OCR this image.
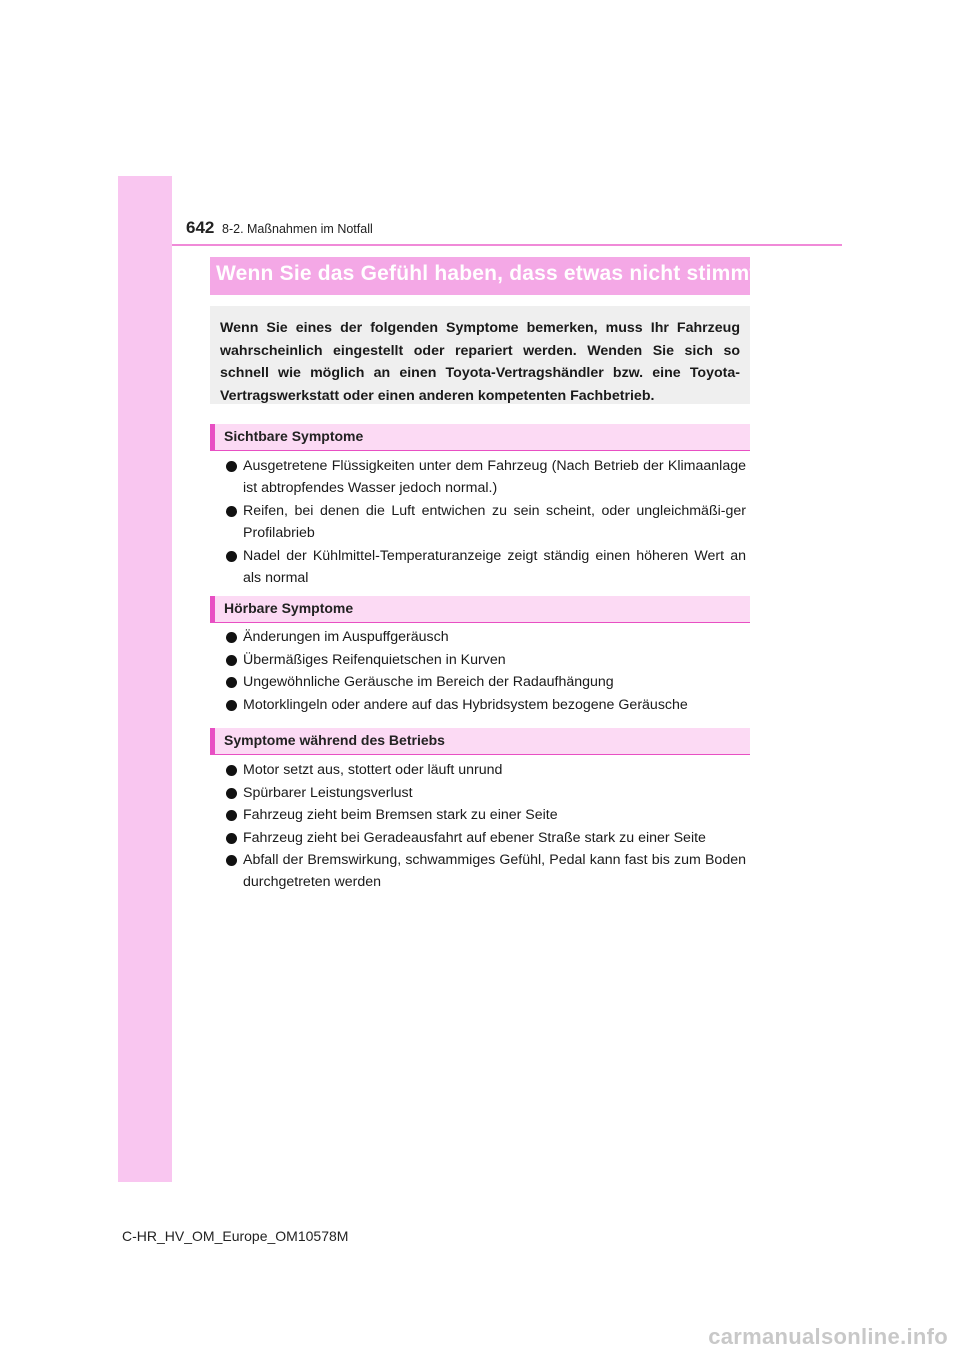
642 8-2. Maßnahmen im Notfall
Wenn Sie das Gefühl haben, dass etwas nicht stimmt
Wenn Sie eines der folgenden Symptome bemerken, muss Ihr Fahrzeug wahrscheinlich eingestellt oder repariert werden. Wenden Sie sich so schnell wie möglich an einen Toyota-Vertragshändler bzw. eine Toyota-Vertragswerkstatt oder einen anderen kompetenten Fachbetrieb.
Sichtbare Symptome
Ausgetretene Flüssigkeiten unter dem Fahrzeug (Nach Betrieb der Klimaanlage ist abtropfendes Wasser jedoch normal.)
Reifen, bei denen die Luft entwichen zu sein scheint, oder ungleichmäßi-ger Profilabrieb
Nadel der Kühlmittel-Temperaturanzeige zeigt ständig einen höheren Wert an als normal
Hörbare Symptome
Änderungen im Auspuffgeräusch
Übermäßiges Reifenquietschen in Kurven
Ungewöhnliche Geräusche im Bereich der Radaufhängung
Motorklingeln oder andere auf das Hybridsystem bezogene Geräusche
Symptome während des Betriebs
Motor setzt aus, stottert oder läuft unrund
Spürbarer Leistungsverlust
Fahrzeug zieht beim Bremsen stark zu einer Seite
Fahrzeug zieht bei Geradeausfahrt auf ebener Straße stark zu einer Seite
Abfall der Bremswirkung, schwammiges Gefühl, Pedal kann fast bis zum Boden durchgetreten werden
C-HR_HV_OM_Europe_OM10578M
carmanualsonline.info
